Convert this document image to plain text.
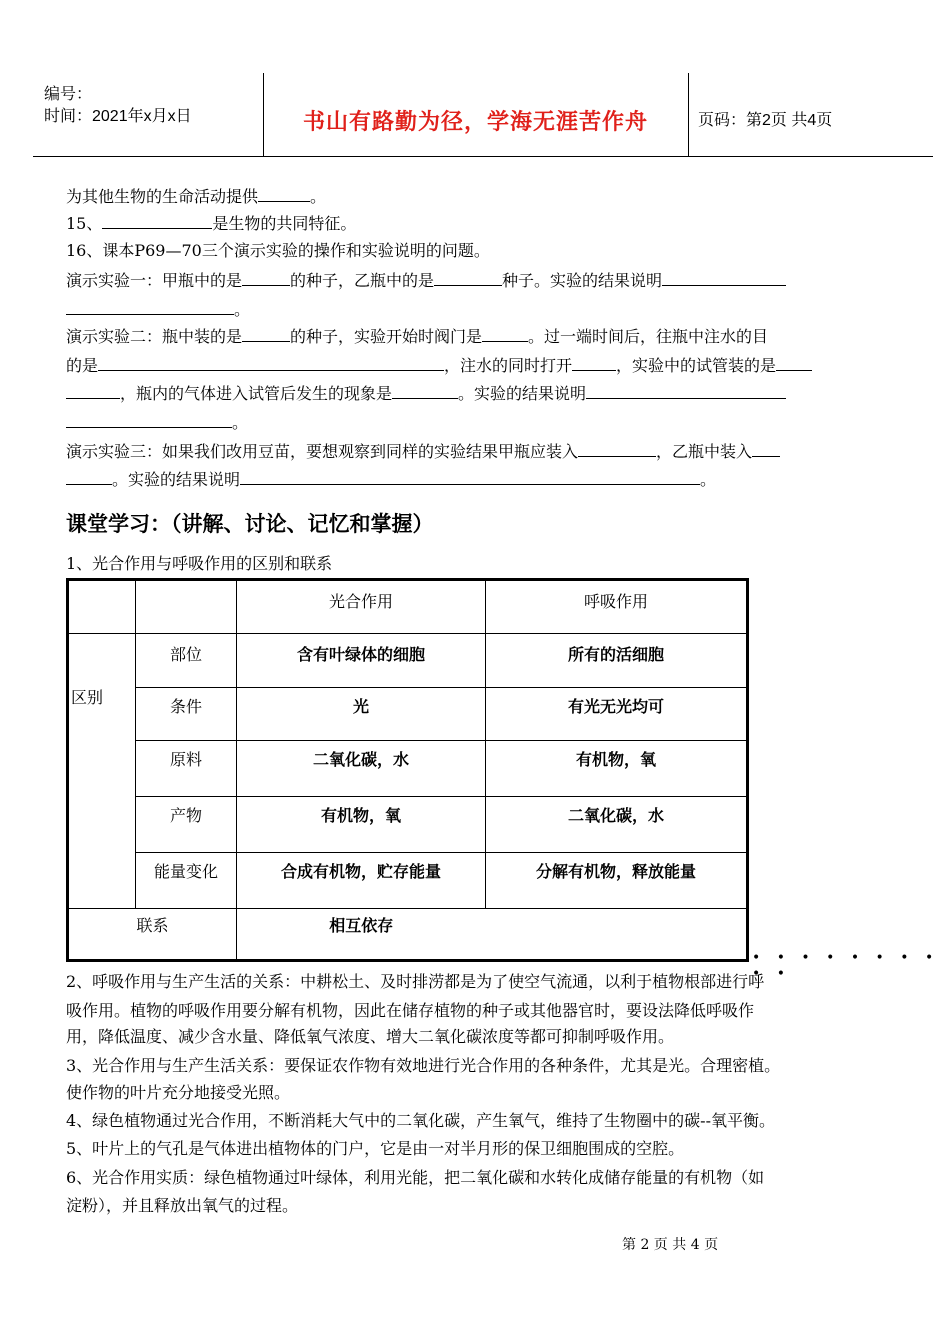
编号：
时间：2021年x月x日	书山有路勤为径，学海无涯苦作舟	页码：第2页 共4页
为其他生物的生命活动提供	。
15、	是生物的共同特征。
16、课本P69—70三个演示实验的操作和实验说明的问题。
演示实验一：甲瓶中的是	的种子，乙瓶中的是	种子。实验的结果说明
。
演示实验二：瓶中装的是	的种子，实验开始时阀门是	。过一端时间后，往瓶中注水的目
的是	，注水的同时打开	，实验中的试管装的是
，瓶内的气体进入试管后发生的现象是	。实验的结果说明
。
演示实验三：如果我们改用豆苗，要想观察到同样的实验结果甲瓶应装入	，乙瓶中装入
。实验的结果说明	。
课堂学习：（讲解、讨论、记忆和掌握）
1、光合作用与呼吸作用的区别和联系
		光合作用	呼吸作用
区别	部位	含有叶绿体的细胞	所有的活细胞
	条件	光	有光无光均可
	原料	二氧化碳，水	有机物，氧
	产物	有机物，氧	二氧化碳，水
	能量变化	合成有机物，贮存能量	分解有机物，释放能量
联系		相互依存	
• • • • • • • • • •
2、呼吸作用与生产生活的关系：中耕松土、及时排涝都是为了使空气流通，以利于植物根部进行呼
吸作用。植物的呼吸作用要分解有机物，因此在储存植物的种子或其他器官时，要设法降低呼吸作
用，降低温度、减少含水量、降低氧气浓度、增大二氧化碳浓度等都可抑制呼吸作用。
3、光合作用与生产生活关系：要保证农作物有效地进行光合作用的各种条件，尤其是光。合理密植。
使作物的叶片充分地接受光照。
4、绿色植物通过光合作用，不断消耗大气中的二氧化碳，产生氧气，维持了生物圈中的碳--氧平衡。
5、叶片上的气孔是气体进出植物体的门户，它是由一对半月形的保卫细胞围成的空腔。
6、光合作用实质：绿色植物通过叶绿体，利用光能，把二氧化碳和水转化成储存能量的有机物（如
淀粉），并且释放出氧气的过程。
第 2 页 共 4 页
